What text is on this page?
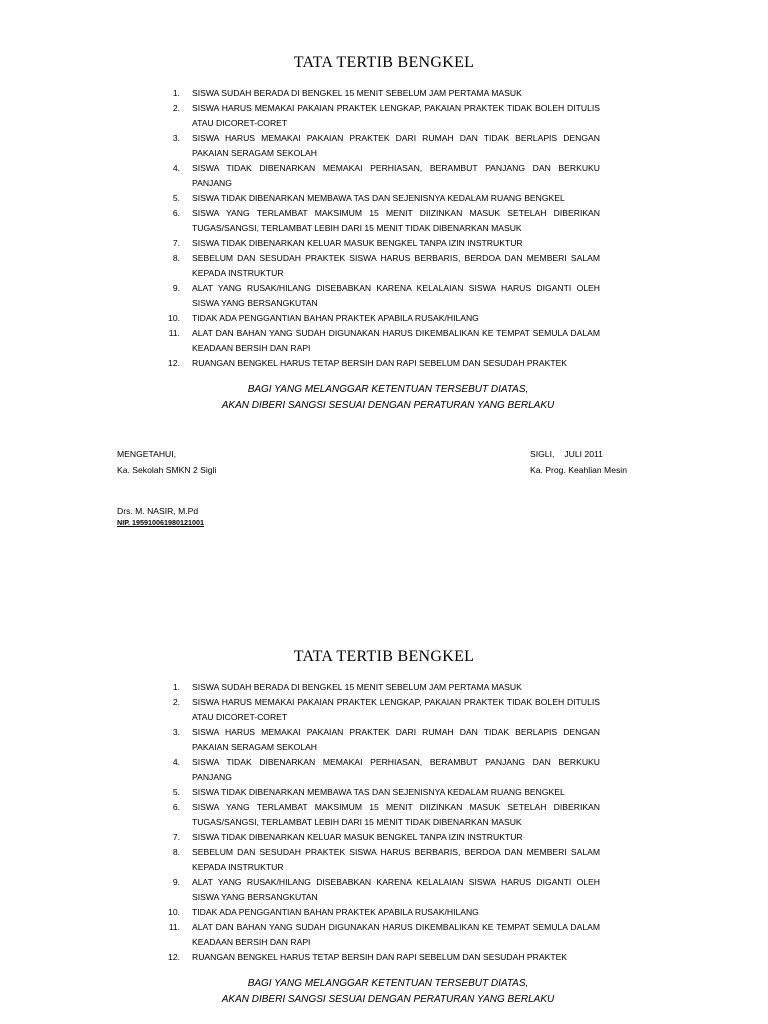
TATA TERTIB BENGKEL
1. SISWA SUDAH BERADA DI BENGKEL 15 MENIT SEBELUM JAM PERTAMA MASUK
2. SISWA HARUS MEMAKAI PAKAIAN PRAKTEK LENGKAP, PAKAIAN PRAKTEK TIDAK BOLEH DITULIS ATAU DICORET-CORET
3. SISWA HARUS MEMAKAI PAKAIAN PRAKTEK DARI RUMAH DAN TIDAK BERLAPIS DENGAN PAKAIAN SERAGAM SEKOLAH
4. SISWA TIDAK DIBENARKAN MEMAKAI PERHIASAN, BERAMBUT PANJANG DAN BERKUKU PANJANG
5. SISWA TIDAK DIBENARKAN MEMBAWA TAS DAN SEJENISNYA KEDALAM RUANG BENGKEL
6. SISWA YANG TERLAMBAT MAKSIMUM 15 MENIT DIIZINKAN MASUK SETELAH DIBERIKAN TUGAS/SANGSI, TERLAMBAT LEBIH DARI 15 MENIT TIDAK DIBENARKAN MASUK
7. SISWA TIDAK DIBENARKAN KELUAR MASUK BENGKEL TANPA IZIN INSTRUKTUR
8. SEBELUM DAN SESUDAH PRAKTEK SISWA HARUS BERBARIS, BERDOA DAN MEMBERI SALAM KEPADA INSTRUKTUR
9. ALAT YANG RUSAK/HILANG DISEBABKAN KARENA KELALAIAN SISWA HARUS DIGANTI OLEH SISWA YANG BERSANGKUTAN
10. TIDAK ADA PENGGANTIAN BAHAN PRAKTEK APABILA RUSAK/HILANG
11. ALAT DAN BAHAN YANG SUDAH DIGUNAKAN HARUS DIKEMBALIKAN KE TEMPAT SEMULA DALAM KEADAAN BERSIH DAN RAPI
12. RUANGAN BENGKEL HARUS TETAP BERSIH DAN RAPI SEBELUM DAN SESUDAH PRAKTEK
BAGI YANG MELANGGAR KETENTUAN TERSEBUT DIATAS,
AKAN DIBERI SANGSI SESUAI DENGAN PERATURAN YANG BERLAKU
MENGETAHUI,
Ka. Sekolah SMKN 2 Sigli
SIGLI, JULI 2011
Ka. Prog. Keahlian Mesin
Drs. M. NASIR, M.Pd
NIP. 195910061980121001
TATA TERTIB BENGKEL
1. SISWA SUDAH BERADA DI BENGKEL 15 MENIT SEBELUM JAM PERTAMA MASUK
2. SISWA HARUS MEMAKAI PAKAIAN PRAKTEK LENGKAP, PAKAIAN PRAKTEK TIDAK BOLEH DITULIS ATAU DICORET-CORET
3. SISWA HARUS MEMAKAI PAKAIAN PRAKTEK DARI RUMAH DAN TIDAK BERLAPIS DENGAN PAKAIAN SERAGAM SEKOLAH
4. SISWA TIDAK DIBENARKAN MEMAKAI PERHIASAN, BERAMBUT PANJANG DAN BERKUKU PANJANG
5. SISWA TIDAK DIBENARKAN MEMBAWA TAS DAN SEJENISNYA KEDALAM RUANG BENGKEL
6. SISWA YANG TERLAMBAT MAKSIMUM 15 MENIT DIIZINKAN MASUK SETELAH DIBERIKAN TUGAS/SANGSI, TERLAMBAT LEBIH DARI 15 MENIT TIDAK DIBENARKAN MASUK
7. SISWA TIDAK DIBENARKAN KELUAR MASUK BENGKEL TANPA IZIN INSTRUKTUR
8. SEBELUM DAN SESUDAH PRAKTEK SISWA HARUS BERBARIS, BERDOA DAN MEMBERI SALAM KEPADA INSTRUKTUR
9. ALAT YANG RUSAK/HILANG DISEBABKAN KARENA KELALAIAN SISWA HARUS DIGANTI OLEH SISWA YANG BERSANGKUTAN
10. TIDAK ADA PENGGANTIAN BAHAN PRAKTEK APABILA RUSAK/HILANG
11. ALAT DAN BAHAN YANG SUDAH DIGUNAKAN HARUS DIKEMBALIKAN KE TEMPAT SEMULA DALAM KEADAAN BERSIH DAN RAPI
12. RUANGAN BENGKEL HARUS TETAP BERSIH DAN RAPI SEBELUM DAN SESUDAH PRAKTEK
BAGI YANG MELANGGAR KETENTUAN TERSEBUT DIATAS,
AKAN DIBERI SANGSI SESUAI DENGAN PERATURAN YANG BERLAKU
